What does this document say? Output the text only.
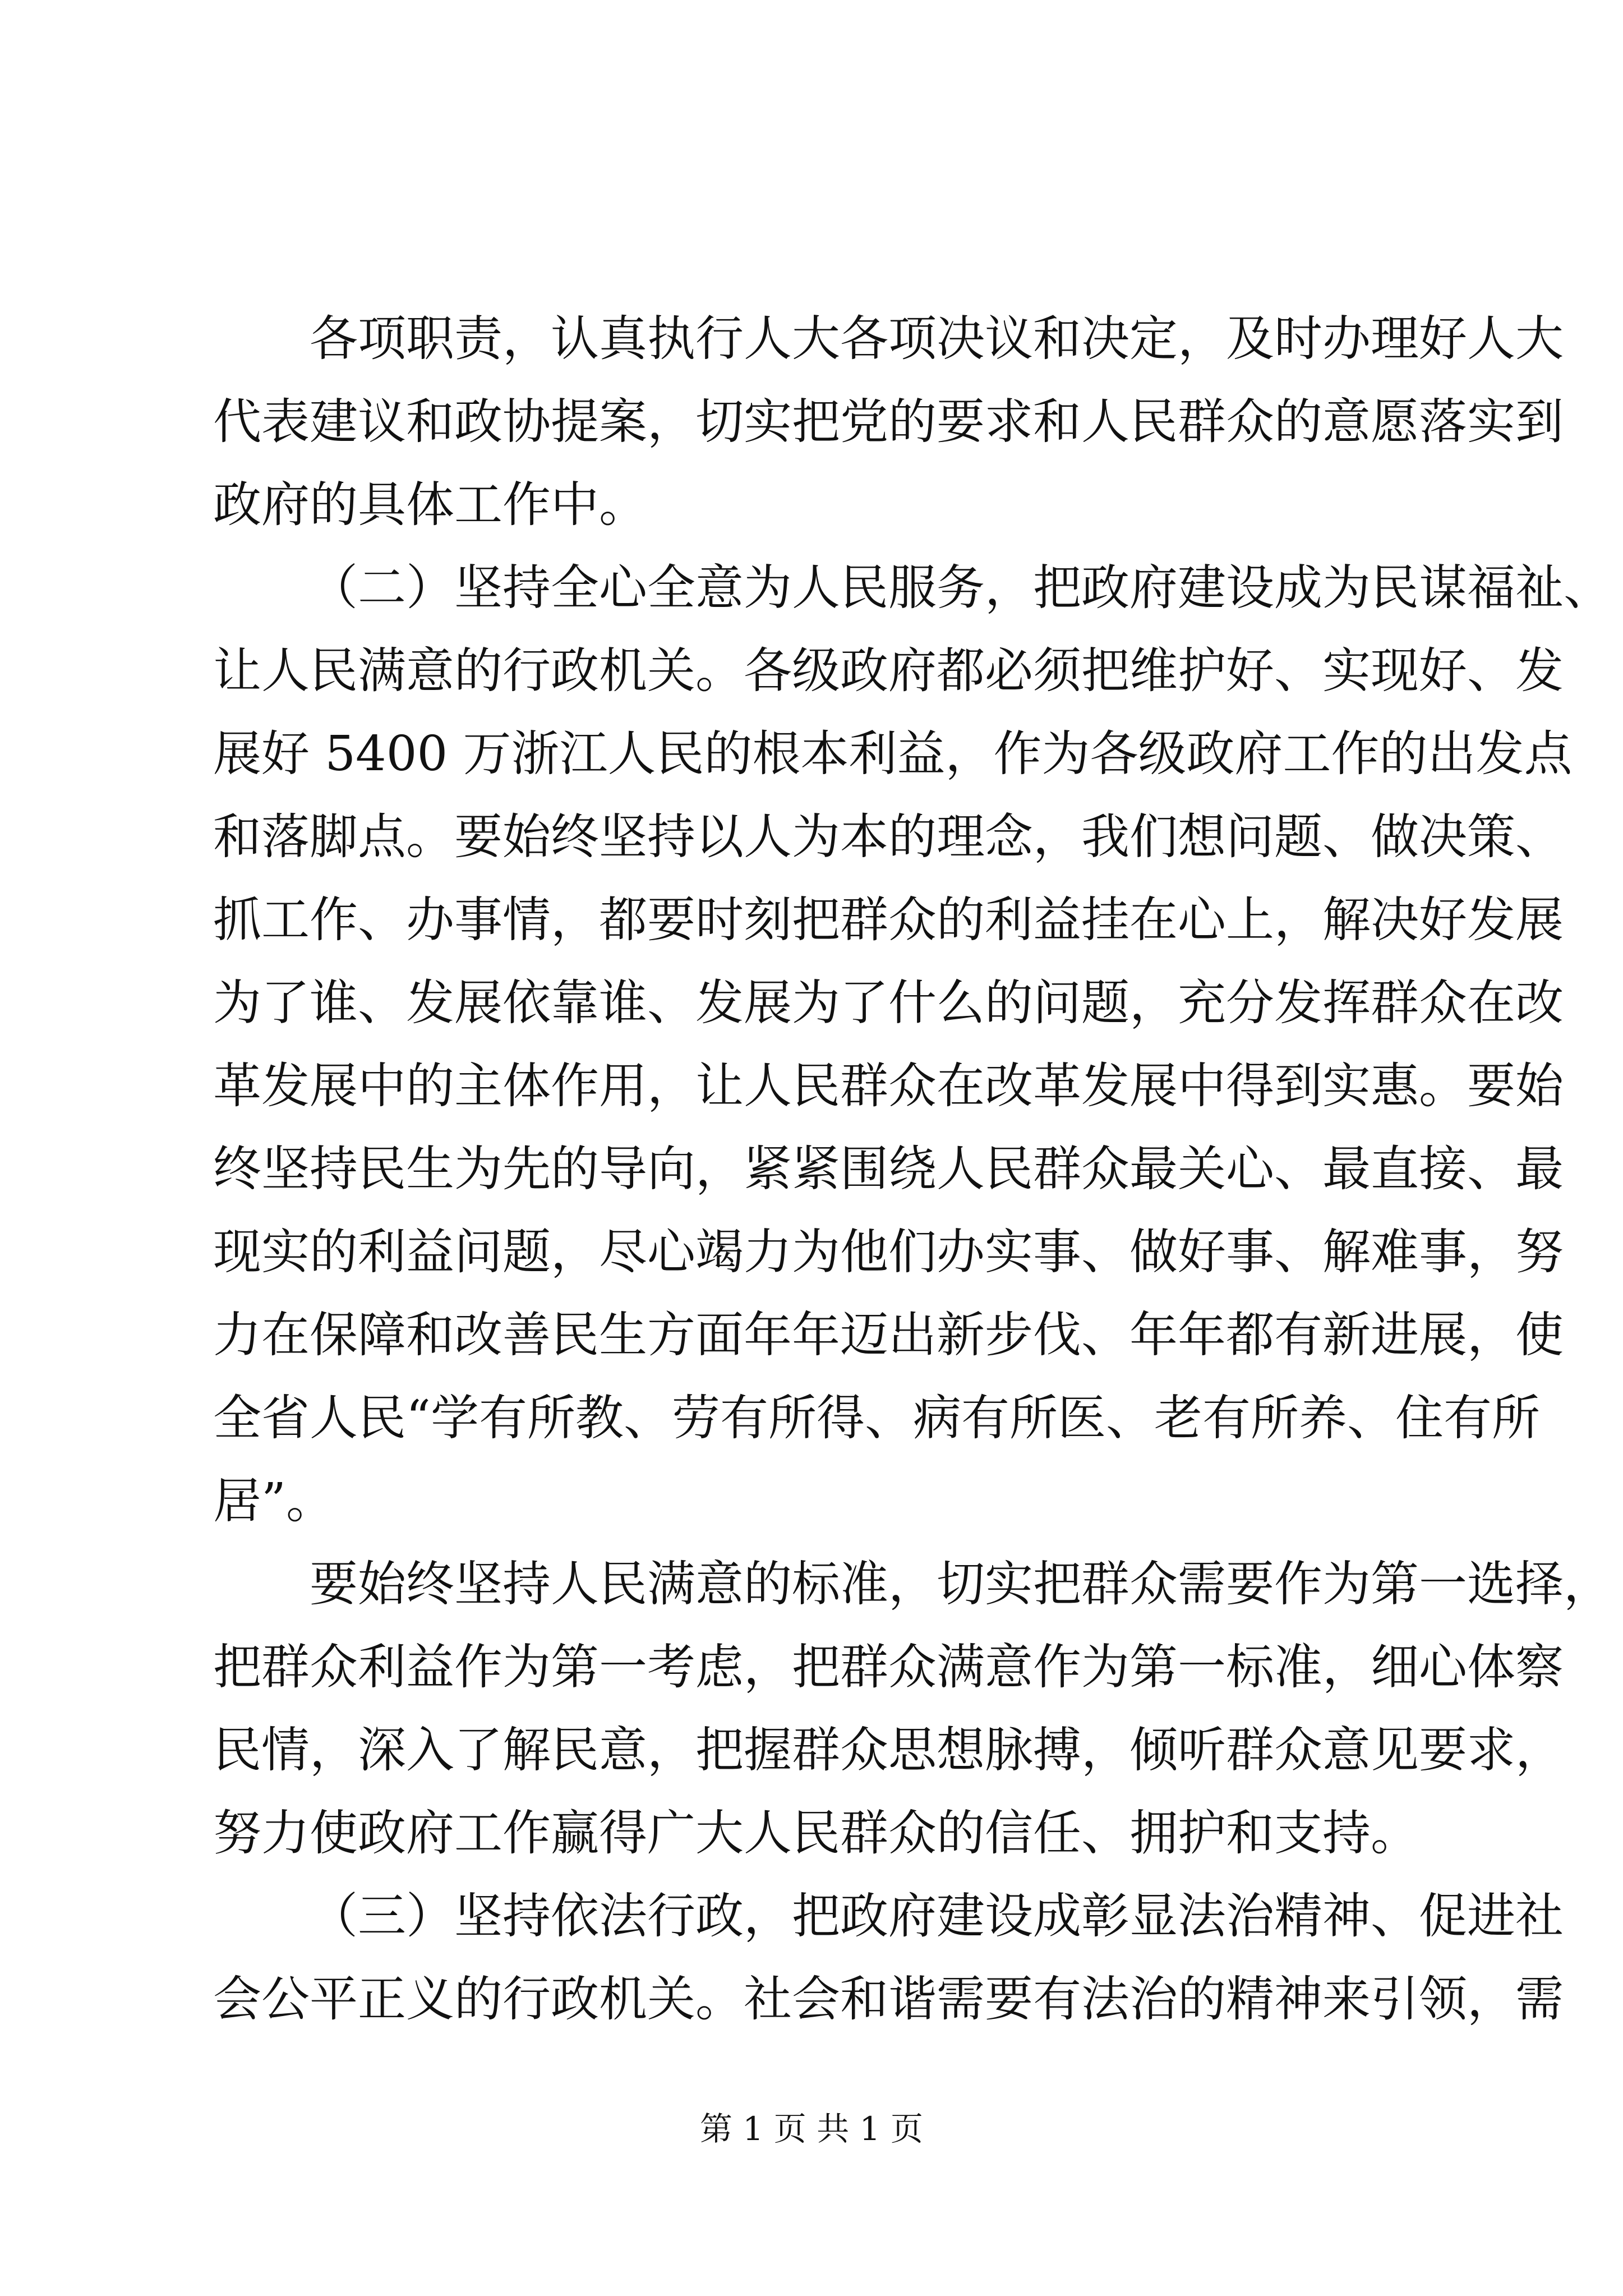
各项职责，认真执行人大各项决议和决定，及时办理好人大
代表建议和政协提案，切实把党的要求和人民群众的意愿落实到
政府的具体工作中。
（二）坚持全心全意为人民服务，把政府建设成为民谋福祉、
让人民满意的行政机关。各级政府都必须把维护好、实现好、发
展好 5400 万浙江人民的根本利益，作为各级政府工作的出发点
和落脚点。要始终坚持以人为本的理念，我们想问题、做决策、
抓工作、办事情，都要时刻把群众的利益挂在心上，解决好发展
为了谁、发展依靠谁、发展为了什么的问题，充分发挥群众在改
革发展中的主体作用，让人民群众在改革发展中得到实惠。要始
终坚持民生为先的导向，紧紧围绕人民群众最关心、最直接、最
现实的利益问题，尽心竭力为他们办实事、做好事、解难事，努
力在保障和改善民生方面年年迈出新步伐、年年都有新进展，使
全省人民“学有所教、劳有所得、病有所医、老有所养、住有所
居”。
要始终坚持人民满意的标准，切实把群众需要作为第一选择，
把群众利益作为第一考虑，把群众满意作为第一标准，细心体察
民情，深入了解民意，把握群众思想脉搏，倾听群众意见要求，
努力使政府工作赢得广大人民群众的信任、拥护和支持。
（三）坚持依法行政，把政府建设成彰显法治精神、促进社
会公平正义的行政机关。社会和谐需要有法治的精神来引领，需
第 1 页 共 1 页
